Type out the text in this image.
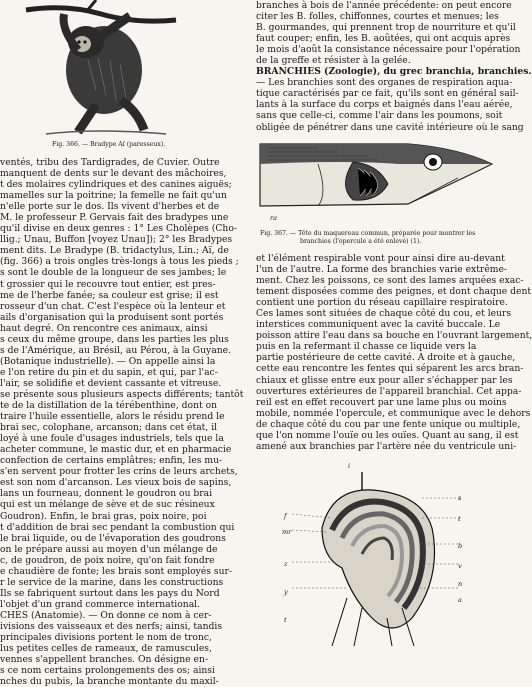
Fig. 366. — Bradype Aï (paresseux).

ventés, tribu des Tardigrades, de Cuvier. Outre

manquent de dents sur le devant des mâchoires,

t des molaires cylindriques et des canines aiguës;

mamelles sur la poitrine; la femelle ne fait qu'un

n'elle porte sur le dos. Ils vivent d'herbes et de

M. le professeur P. Gervais fait des bradypes une

qu'il divise en deux genres : 1° Les Cholèpes (Cho-

llig.; Unau, Buffon [voyez Unau]); 2° les Bradypes

ment dits. Le Bradype (B. tridactylus, Lin.; Aï, de

(fig. 366) a trois ongles très-longs à tous les pieds ;

s sont le double de la longueur de ses jambes; le

t grossier qui le recouvre tout entier, est pres-

me de l'herbe fanée; sa couleur est grise; il est

rosseur d'un chat. C'est l'espèce où la lenteur et

ails d'organisation qui la produisent sont portés

haut degré. On rencontre ces animaux, ainsi

s ceux du même groupe, dans les parties les plus

s de l'Amérique, au Brésil, au Pérou, à la Guyane.

(Botanique industrielle). — On appelle ainsi la

e l'on retire du pin et du sapin, et qui, par l'ac-

l'air, se solidifie et devient cassante et vitreuse.

se présente sous plusieurs aspects différents; tantôt

te de la distillation de la térébenthine, dont on

traire l'huile essentielle, alors le résidu prend le

brai sec, colophane, arcanson; dans cet état, il

loyé à une foule d'usages industriels, tels que la

acheter commune, le mastic dur, et en pharmacie

confection de certains emplâtres; enfin, les mu-

s'en servent pour frotter les crins de leurs archets,

est son nom d'arcanson. Les vieux bois de sapins,

lans un fourneau, donnent le goudron ou brai

qui est un mélange de sève et de suc résineux

Goudron). Enfin, le brai gras, poix noire, poi

t d'addition de brai sec pendant la combustion qui

le brai liquide, ou de l'évaporation des goudrons

on le prépare aussi au moyen d'un mélange de

c, de goudron, de poix noire, qu'on fait fondre

e chaudière de fonte; les brais sont employés sur-

r le service de la marine, dans les constructions

Ils se fabriquent surtout dans les pays du Nord

l'objet d'un grand commerce international.

CHES (Anatomie). — On donne ce nom à cer-

ivisions des vaisseaux et des nerfs; ainsi, tandis

principales divisions portent le nom de tronc,

lus petites celles de rameaux, de ramuscules,

vennes s'appellent branches. On désigne en-

s ce nom certains prolongements des os; ainsi

nches du pubis, la branche montante du maxil-

branches à bois de l'année précédente: on peut encore

citer les B. folles, chiffonnes, courtes et menues; les

B. gourmandes, qui prennent trop de nourriture et qu'il

faut couper; enfin, les B. aoûtées, qui ont acquis après

le mois d'août la consistance nécessaire pour l'opération

de la greffe et résister à la gelée.

BRANCHIES (Zoologie), du grec branchia, branchies.

— Les branchies sont des organes de respiration aqua-

tique caractérisés par ce fait, qu'ils sont en général sail-

lants à la surface du corps et baignés dans l'eau aérée,

sans que celle-ci, comme l'air dans les poumons, soit

obligée de pénétrer dans une cavité intérieure où le sang

ra
Fig. 367. — Tête du maquereau commun, préparée pour montrer les
branchies (l'opercule a été enlevé) (1).

et l'élément respirable vont pour ainsi dire au-devant

l'un de l'autre. La forme des branchies varie extrême-

ment. Chez les poissons, ce sont des lames arquées exac-

tement disposées comme des peignes, et dont chaque dent

contient une portion du réseau capillaire respiratoire.

Ces lames sont situées de chaque côté du cou, et leurs

interstices communiquent avec la cavité buccale. Le

poisson attire l'eau dans sa bouche en l'ouvrant largement,

puis en la refermant il chasse ce liquide vers la

partie postérieure de cette cavité. A droite et à gauche,

cette eau rencontre les fentes qui séparent les arcs bran-

chiaux et glisse entre eux pour aller s'échapper par les

ouvertures extérieures de l'appareil branchial. Cet appa-

reil est en effet recouvert par une lame plus ou moins

mobile, nommée l'opercule, et communique avec le dehors

de chaque côté du cou par une fente unique ou multiple,

que l'on nomme l'ouïe ou les ouïes. Quant au sang, il est

amené aux branchies par l'artère née du ventricule uni-

i
s
f
mr
t
b
z	v
y
t
n
a
